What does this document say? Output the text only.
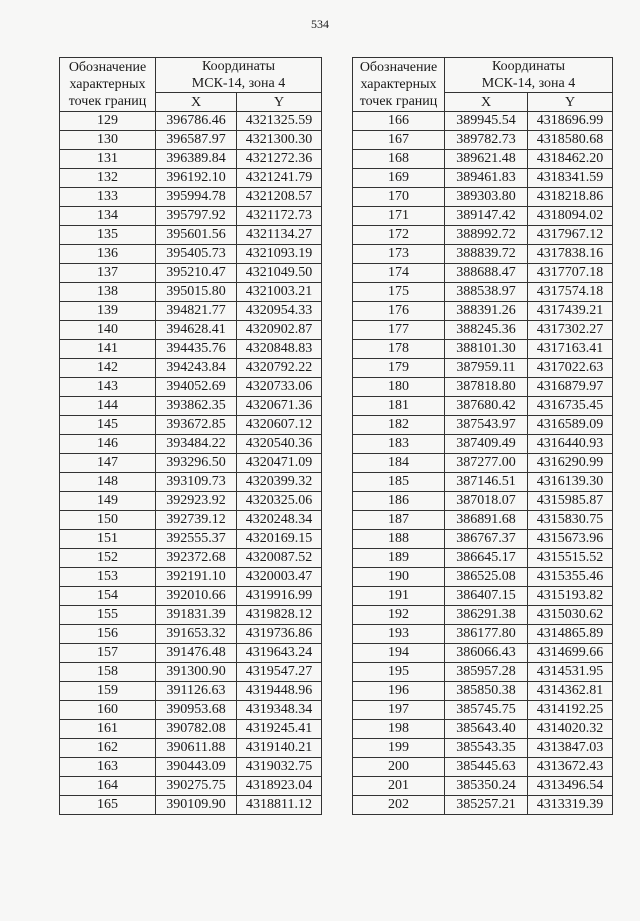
534
Обозначение
характерных
точек границ	Координаты
МСК-14, зона 4	
	X	Y
129	396786.46	4321325.59
130	396587.97	4321300.30
131	396389.84	4321272.36
132	396192.10	4321241.79
133	395994.78	4321208.57
134	395797.92	4321172.73
135	395601.56	4321134.27
136	395405.73	4321093.19
137	395210.47	4321049.50
138	395015.80	4321003.21
139	394821.77	4320954.33
140	394628.41	4320902.87
141	394435.76	4320848.83
142	394243.84	4320792.22
143	394052.69	4320733.06
144	393862.35	4320671.36
145	393672.85	4320607.12
146	393484.22	4320540.36
147	393296.50	4320471.09
148	393109.73	4320399.32
149	392923.92	4320325.06
150	392739.12	4320248.34
151	392555.37	4320169.15
152	392372.68	4320087.52
153	392191.10	4320003.47
154	392010.66	4319916.99
155	391831.39	4319828.12
156	391653.32	4319736.86
157	391476.48	4319643.24
158	391300.90	4319547.27
159	391126.63	4319448.96
160	390953.68	4319348.34
161	390782.08	4319245.41
162	390611.88	4319140.21
163	390443.09	4319032.75
164	390275.75	4318923.04
165	390109.90	4318811.12
Обозначение
характерных
точек границ	Координаты
МСК-14, зона 4	
	X	Y
166	389945.54	4318696.99
167	389782.73	4318580.68
168	389621.48	4318462.20
169	389461.83	4318341.59
170	389303.80	4318218.86
171	389147.42	4318094.02
172	388992.72	4317967.12
173	388839.72	4317838.16
174	388688.47	4317707.18
175	388538.97	4317574.18
176	388391.26	4317439.21
177	388245.36	4317302.27
178	388101.30	4317163.41
179	387959.11	4317022.63
180	387818.80	4316879.97
181	387680.42	4316735.45
182	387543.97	4316589.09
183	387409.49	4316440.93
184	387277.00	4316290.99
185	387146.51	4316139.30
186	387018.07	4315985.87
187	386891.68	4315830.75
188	386767.37	4315673.96
189	386645.17	4315515.52
190	386525.08	4315355.46
191	386407.15	4315193.82
192	386291.38	4315030.62
193	386177.80	4314865.89
194	386066.43	4314699.66
195	385957.28	4314531.95
196	385850.38	4314362.81
197	385745.75	4314192.25
198	385643.40	4314020.32
199	385543.35	4313847.03
200	385445.63	4313672.43
201	385350.24	4313496.54
202	385257.21	4313319.39
